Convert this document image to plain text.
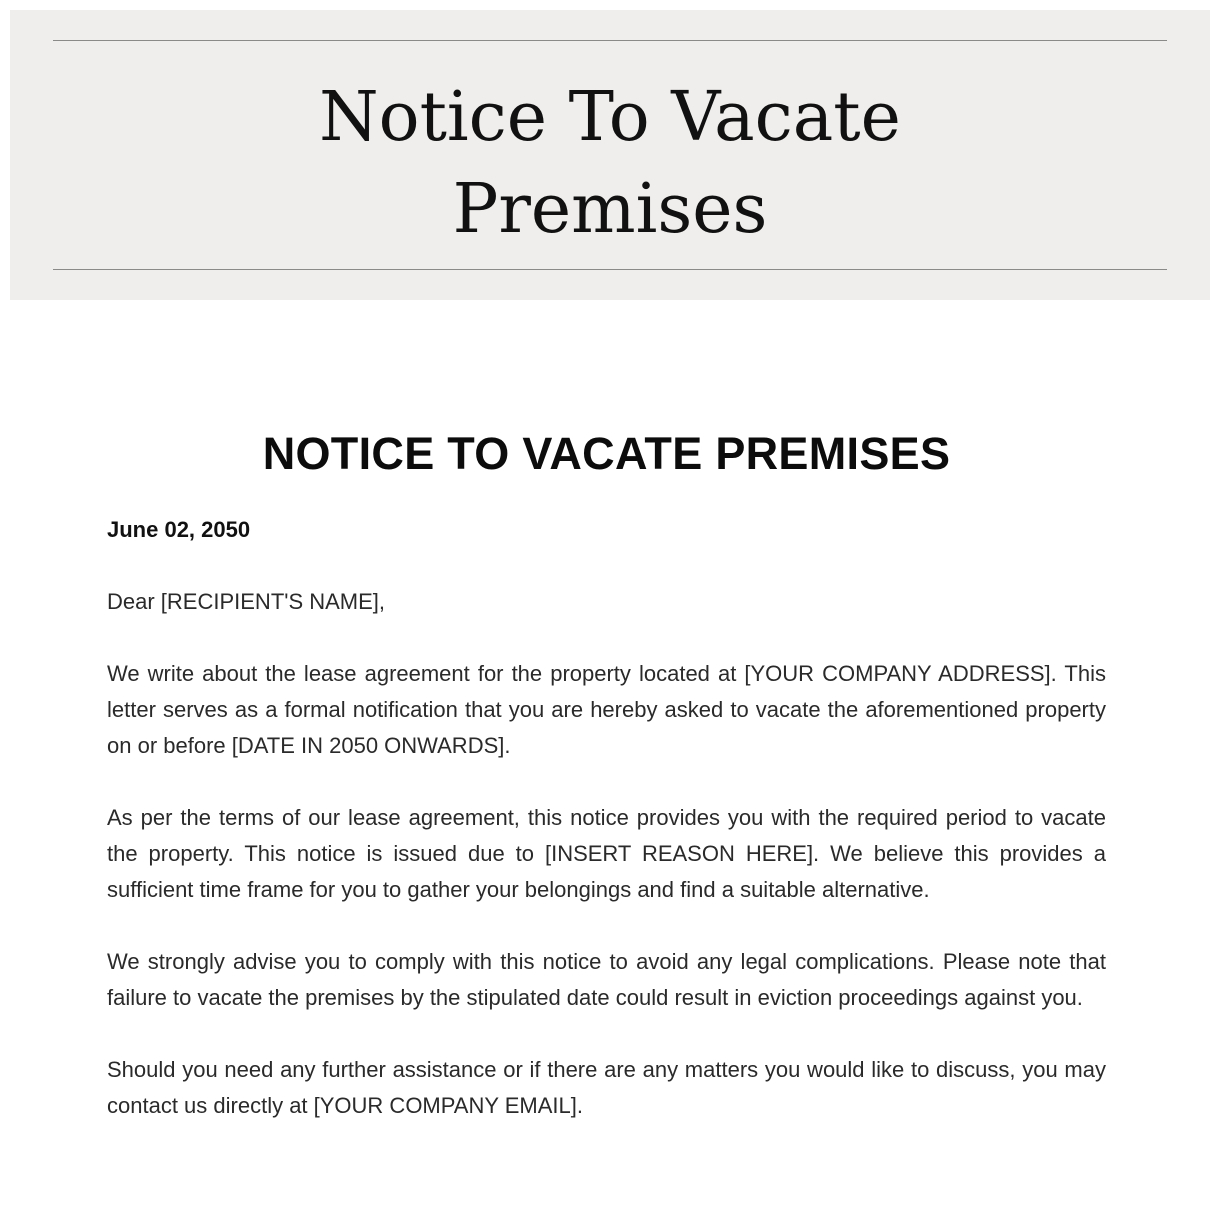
Notice To Vacate
Premises
NOTICE TO VACATE PREMISES

June 02, 2050

Dear [RECIPIENT'S NAME],

We write about the lease agreement for the property located at [YOUR COMPANY ADDRESS]. This letter serves as a formal notification that you are hereby asked to vacate the aforementioned property on or before [DATE IN 2050 ONWARDS].

As per the terms of our lease agreement, this notice provides you with the required period to vacate the property. This notice is issued due to [INSERT REASON HERE]. We believe this provides a sufficient time frame for you to gather your belongings and find a suitable alternative.

We strongly advise you to comply with this notice to avoid any legal complications. Please note that failure to vacate the premises by the stipulated date could result in eviction proceedings against you.

Should you need any further assistance or if there are any matters you would like to discuss, you may contact us directly at [YOUR COMPANY EMAIL].
